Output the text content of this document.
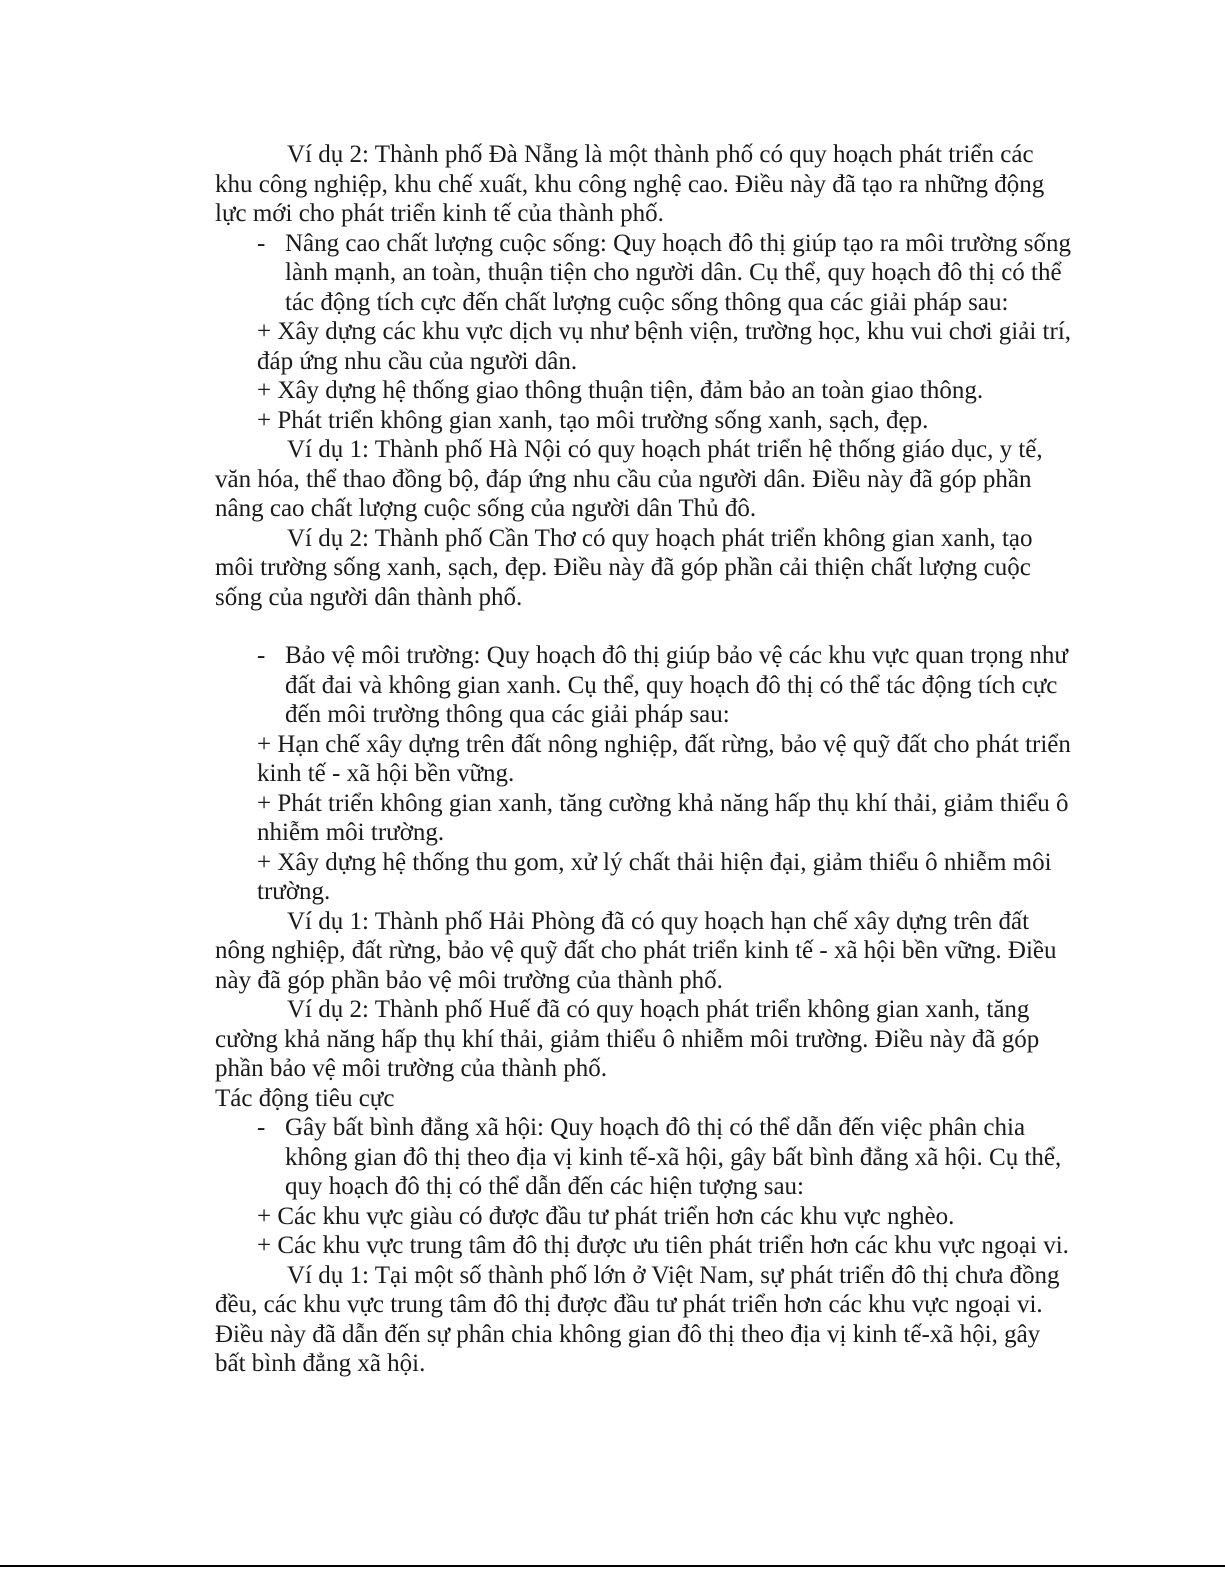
Ví dụ 2: Thành phố Đà Nẵng là một thành phố có quy hoạch phát triển các khu công nghiệp, khu chế xuất, khu công nghệ cao. Điều này đã tạo ra những động lực mới cho phát triển kinh tế của thành phố.

- Nâng cao chất lượng cuộc sống: Quy hoạch đô thị giúp tạo ra môi trường sống lành mạnh, an toàn, thuận tiện cho người dân. Cụ thể, quy hoạch đô thị có thể tác động tích cực đến chất lượng cuộc sống thông qua các giải pháp sau:

+ Xây dựng các khu vực dịch vụ như bệnh viện, trường học, khu vui chơi giải trí, đáp ứng nhu cầu của người dân.

+ Xây dựng hệ thống giao thông thuận tiện, đảm bảo an toàn giao thông.

+ Phát triển không gian xanh, tạo môi trường sống xanh, sạch, đẹp.

Ví dụ 1: Thành phố Hà Nội có quy hoạch phát triển hệ thống giáo dục, y tế, văn hóa, thể thao đồng bộ, đáp ứng nhu cầu của người dân. Điều này đã góp phần nâng cao chất lượng cuộc sống của người dân Thủ đô.

Ví dụ 2: Thành phố Cần Thơ có quy hoạch phát triển không gian xanh, tạo môi trường sống xanh, sạch, đẹp. Điều này đã góp phần cải thiện chất lượng cuộc sống của người dân thành phố.

- Bảo vệ môi trường: Quy hoạch đô thị giúp bảo vệ các khu vực quan trọng như đất đai và không gian xanh. Cụ thể, quy hoạch đô thị có thể tác động tích cực đến môi trường thông qua các giải pháp sau:

+ Hạn chế xây dựng trên đất nông nghiệp, đất rừng, bảo vệ quỹ đất cho phát triển kinh tế - xã hội bền vững.

+ Phát triển không gian xanh, tăng cường khả năng hấp thụ khí thải, giảm thiểu ô nhiễm môi trường.

+ Xây dựng hệ thống thu gom, xử lý chất thải hiện đại, giảm thiểu ô nhiễm môi trường.

Ví dụ 1: Thành phố Hải Phòng đã có quy hoạch hạn chế xây dựng trên đất nông nghiệp, đất rừng, bảo vệ quỹ đất cho phát triển kinh tế - xã hội bền vững. Điều này đã góp phần bảo vệ môi trường của thành phố.

Ví dụ 2: Thành phố Huế đã có quy hoạch phát triển không gian xanh, tăng cường khả năng hấp thụ khí thải, giảm thiểu ô nhiễm môi trường. Điều này đã góp phần bảo vệ môi trường của thành phố.

Tác động tiêu cực

- Gây bất bình đẳng xã hội: Quy hoạch đô thị có thể dẫn đến việc phân chia không gian đô thị theo địa vị kinh tế-xã hội, gây bất bình đẳng xã hội. Cụ thể, quy hoạch đô thị có thể dẫn đến các hiện tượng sau:

+ Các khu vực giàu có được đầu tư phát triển hơn các khu vực nghèo.

+ Các khu vực trung tâm đô thị được ưu tiên phát triển hơn các khu vực ngoại vi.

Ví dụ 1: Tại một số thành phố lớn ở Việt Nam, sự phát triển đô thị chưa đồng đều, các khu vực trung tâm đô thị được đầu tư phát triển hơn các khu vực ngoại vi. Điều này đã dẫn đến sự phân chia không gian đô thị theo địa vị kinh tế-xã hội, gây bất bình đẳng xã hội.
